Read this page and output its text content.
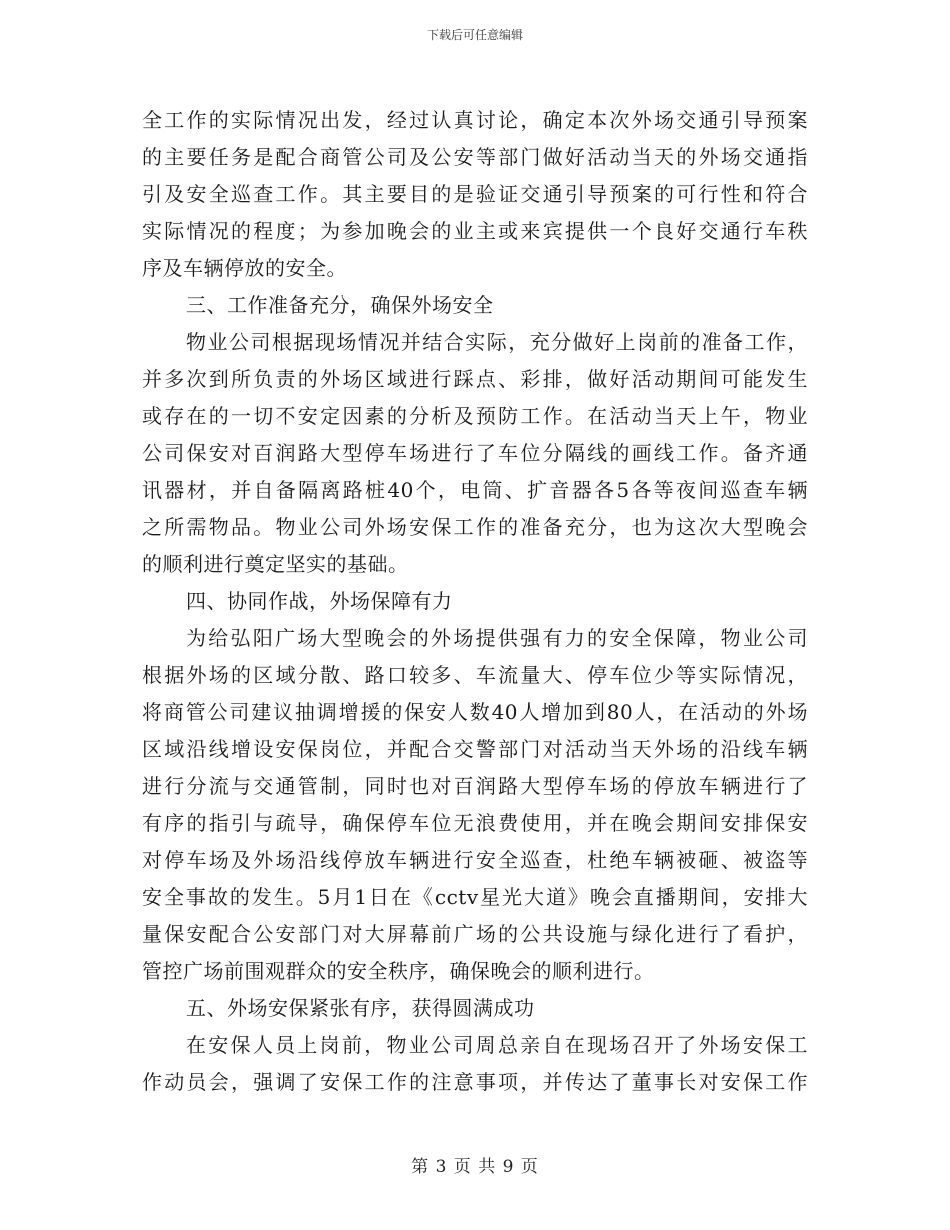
下载后可任意编辑
全工作的实际情况出发，经过认真讨论，确定本次外场交通引导预案
的主要任务是配合商管公司及公安等部门做好活动当天的外场交通指
引及安全巡查工作。其主要目的是验证交通引导预案的可行性和符合
实际情况的程度；为参加晚会的业主或来宾提供一个良好交通行车秩
序及车辆停放的安全。
三、工作准备充分，确保外场安全
物业公司根据现场情况并结合实际，充分做好上岗前的准备工作，
并多次到所负责的外场区域进行踩点、彩排，做好活动期间可能发生
或存在的一切不安定因素的分析及预防工作。在活动当天上午，物业
公司保安对百润路大型停车场进行了车位分隔线的画线工作。备齐通
讯器材，并自备隔离路桩40个，电筒、扩音器各5各等夜间巡查车辆
之所需物品。物业公司外场安保工作的准备充分，也为这次大型晚会
的顺利进行奠定坚实的基础。
四、协同作战，外场保障有力
为给弘阳广场大型晚会的外场提供强有力的安全保障，物业公司
根据外场的区域分散、路口较多、车流量大、停车位少等实际情况，
将商管公司建议抽调增援的保安人数40人增加到80人，在活动的外场
区域沿线增设安保岗位，并配合交警部门对活动当天外场的沿线车辆
进行分流与交通管制，同时也对百润路大型停车场的停放车辆进行了
有序的指引与疏导，确保停车位无浪费使用，并在晚会期间安排保安
对停车场及外场沿线停放车辆进行安全巡查，杜绝车辆被砸、被盗等
安全事故的发生。5月1日在《cctv星光大道》晚会直播期间，安排大
量保安配合公安部门对大屏幕前广场的公共设施与绿化进行了看护，
管控广场前围观群众的安全秩序，确保晚会的顺利进行。
五、外场安保紧张有序，获得圆满成功
在安保人员上岗前，物业公司周总亲自在现场召开了外场安保工
作动员会，强调了安保工作的注意事项，并传达了董事长对安保工作
第 3 页 共 9 页
